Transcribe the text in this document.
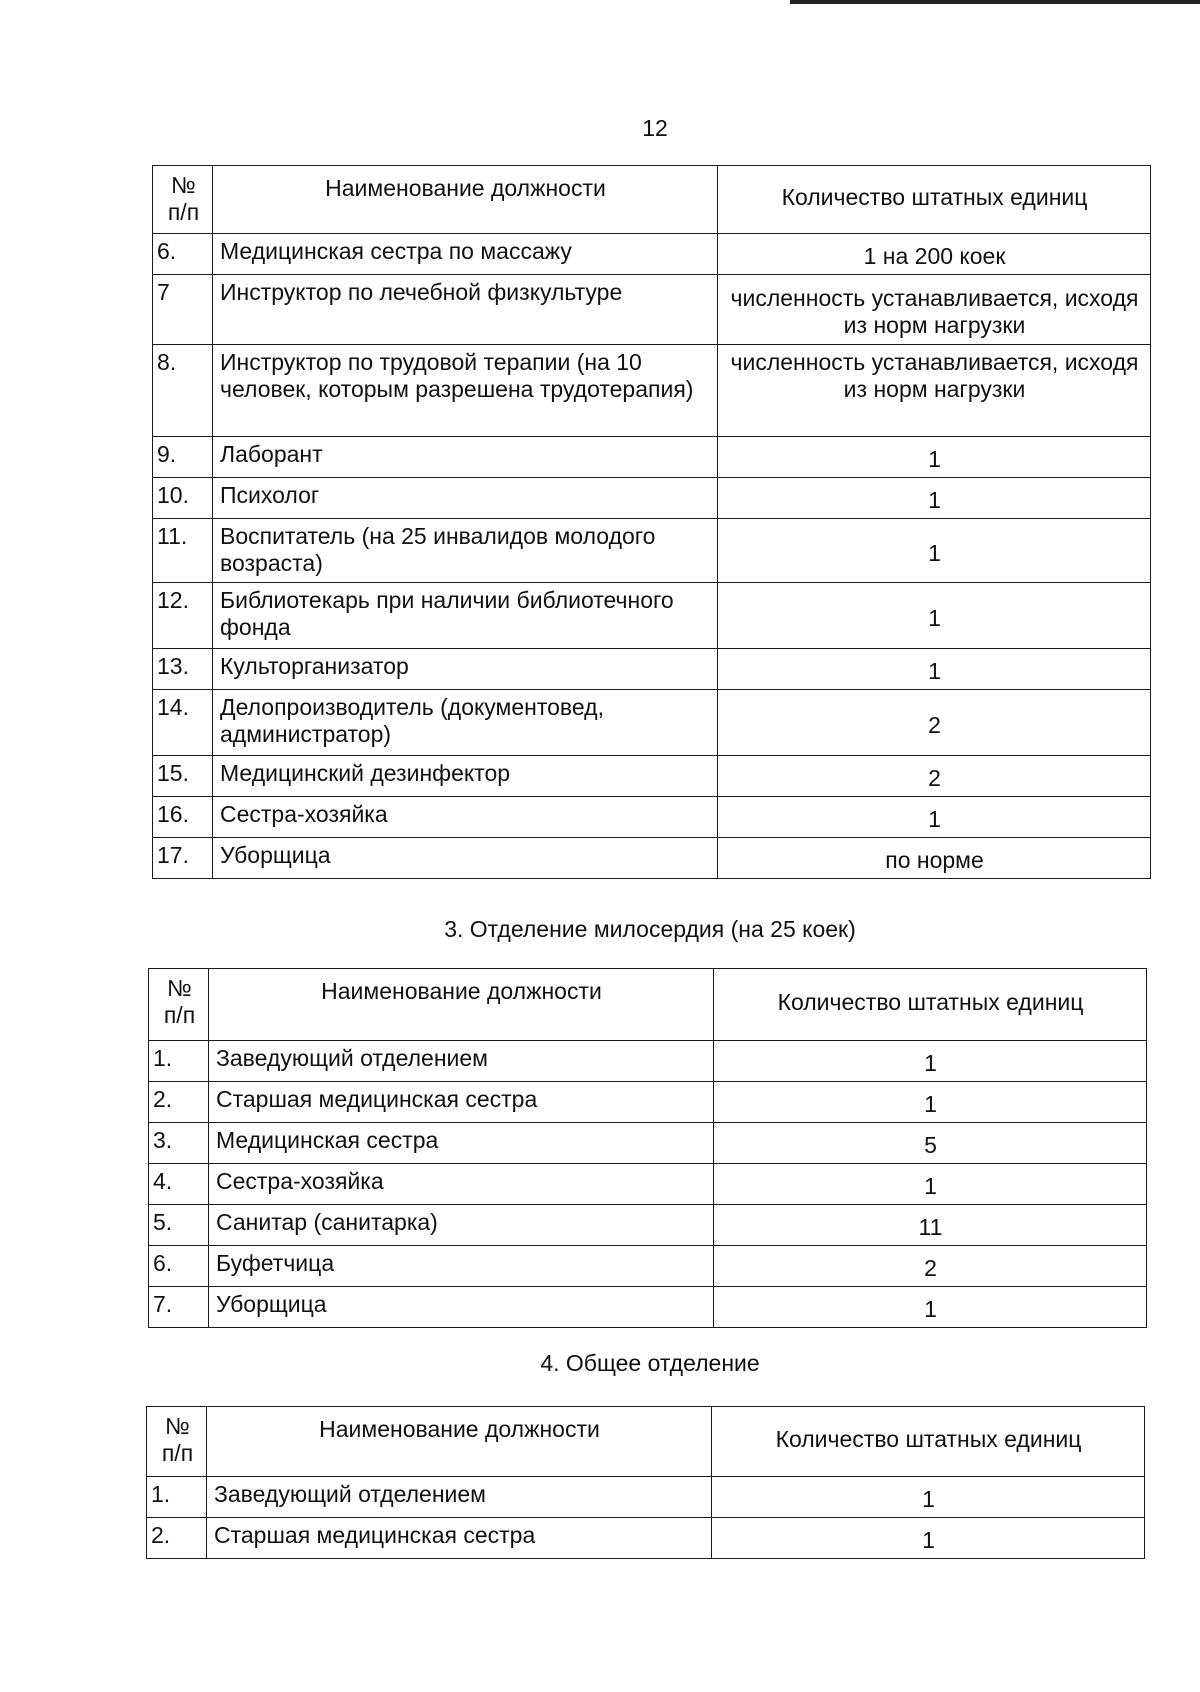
12
№
п/п	Наименование должности	Количество штатных единиц
6.	Медицинская сестра по массажу	1 на 200 коек
7	Инструктор по лечебной физкультуре	численность устанавливается, исходя из норм нагрузки
8.	Инструктор по трудовой терапии (на 10 человек, которым разрешена трудотерапия)	численность устанавливается, исходя из норм нагрузки
9.	Лаборант	1
10.	Психолог	1
11.	Воспитатель (на 25 инвалидов молодого возраста)	1
12.	Библиотекарь при наличии библиотечного фонда	1
13.	Культорганизатор	1
14.	Делопроизводитель (документовед, администратор)	2
15.	Медицинский дезинфектор	2
16.	Сестра-хозяйка	1
17.	Уборщица	по норме
3. Отделение милосердия (на 25 коек)
№
п/п	Наименование должности	Количество штатных единиц
1.	Заведующий отделением	1
2.	Старшая медицинская сестра	1
3.	Медицинская сестра	5
4.	Сестра-хозяйка	1
5.	Санитар (санитарка)	11
6.	Буфетчица	2
7.	Уборщица	1
4. Общее отделение
№
п/п	Наименование должности	Количество штатных единиц
1.	Заведующий отделением	1
2.	Старшая медицинская сестра	1
